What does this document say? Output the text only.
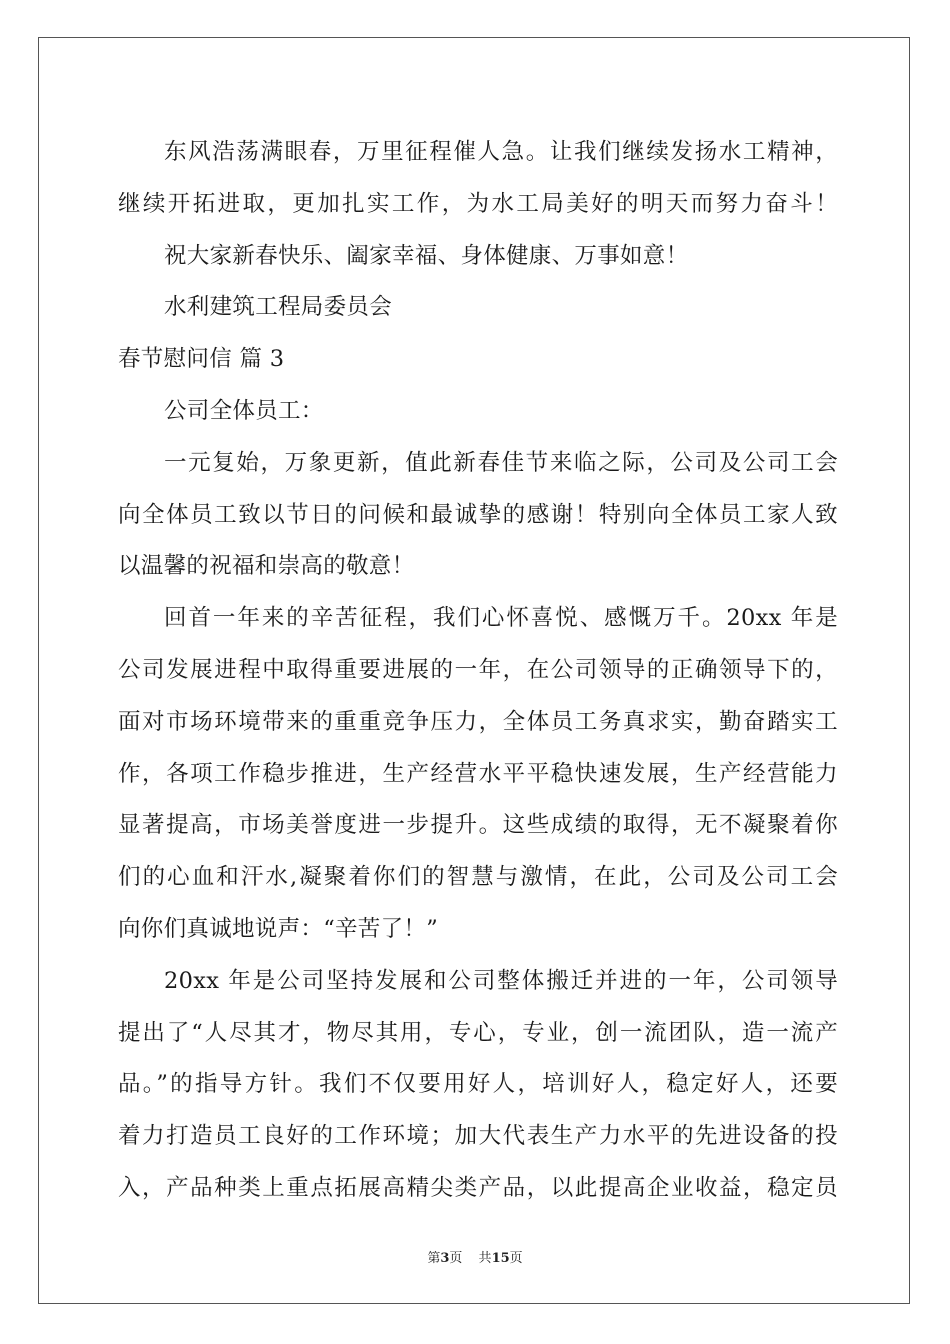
东风浩荡满眼春，万里征程催人急。让我们继续发扬水工精神，
继续开拓进取，更加扎实工作，为水工局美好的明天而努力奋斗！
祝大家新春快乐、阖家幸福、身体健康、万事如意！
水利建筑工程局委员会
春节慰问信 篇 3
公司全体员工：
一元复始，万象更新，值此新春佳节来临之际，公司及公司工会
向全体员工致以节日的问候和最诚挚的感谢！特别向全体员工家人致
以温馨的祝福和崇高的敬意！
回首一年来的辛苦征程，我们心怀喜悦、感慨万千。20xx 年是
公司发展进程中取得重要进展的一年，在公司领导的正确领导下的，
面对市场环境带来的重重竞争压力，全体员工务真求实，勤奋踏实工
作，各项工作稳步推进，生产经营水平平稳快速发展，生产经营能力
显著提高，市场美誉度进一步提升。这些成绩的取得，无不凝聚着你
们的心血和汗水,凝聚着你们的智慧与激情，在此，公司及公司工会
向你们真诚地说声：“辛苦了！”
20xx 年是公司坚持发展和公司整体搬迁并进的一年，公司领导
提出了“人尽其才，物尽其用，专心，专业，创一流团队，造一流产
品。”的指导方针。我们不仅要用好人，培训好人，稳定好人，还要
着力打造员工良好的工作环境；加大代表生产力水平的先进设备的投
入，产品种类上重点拓展高精尖类产品，以此提高企业收益，稳定员
第3页 共15页
